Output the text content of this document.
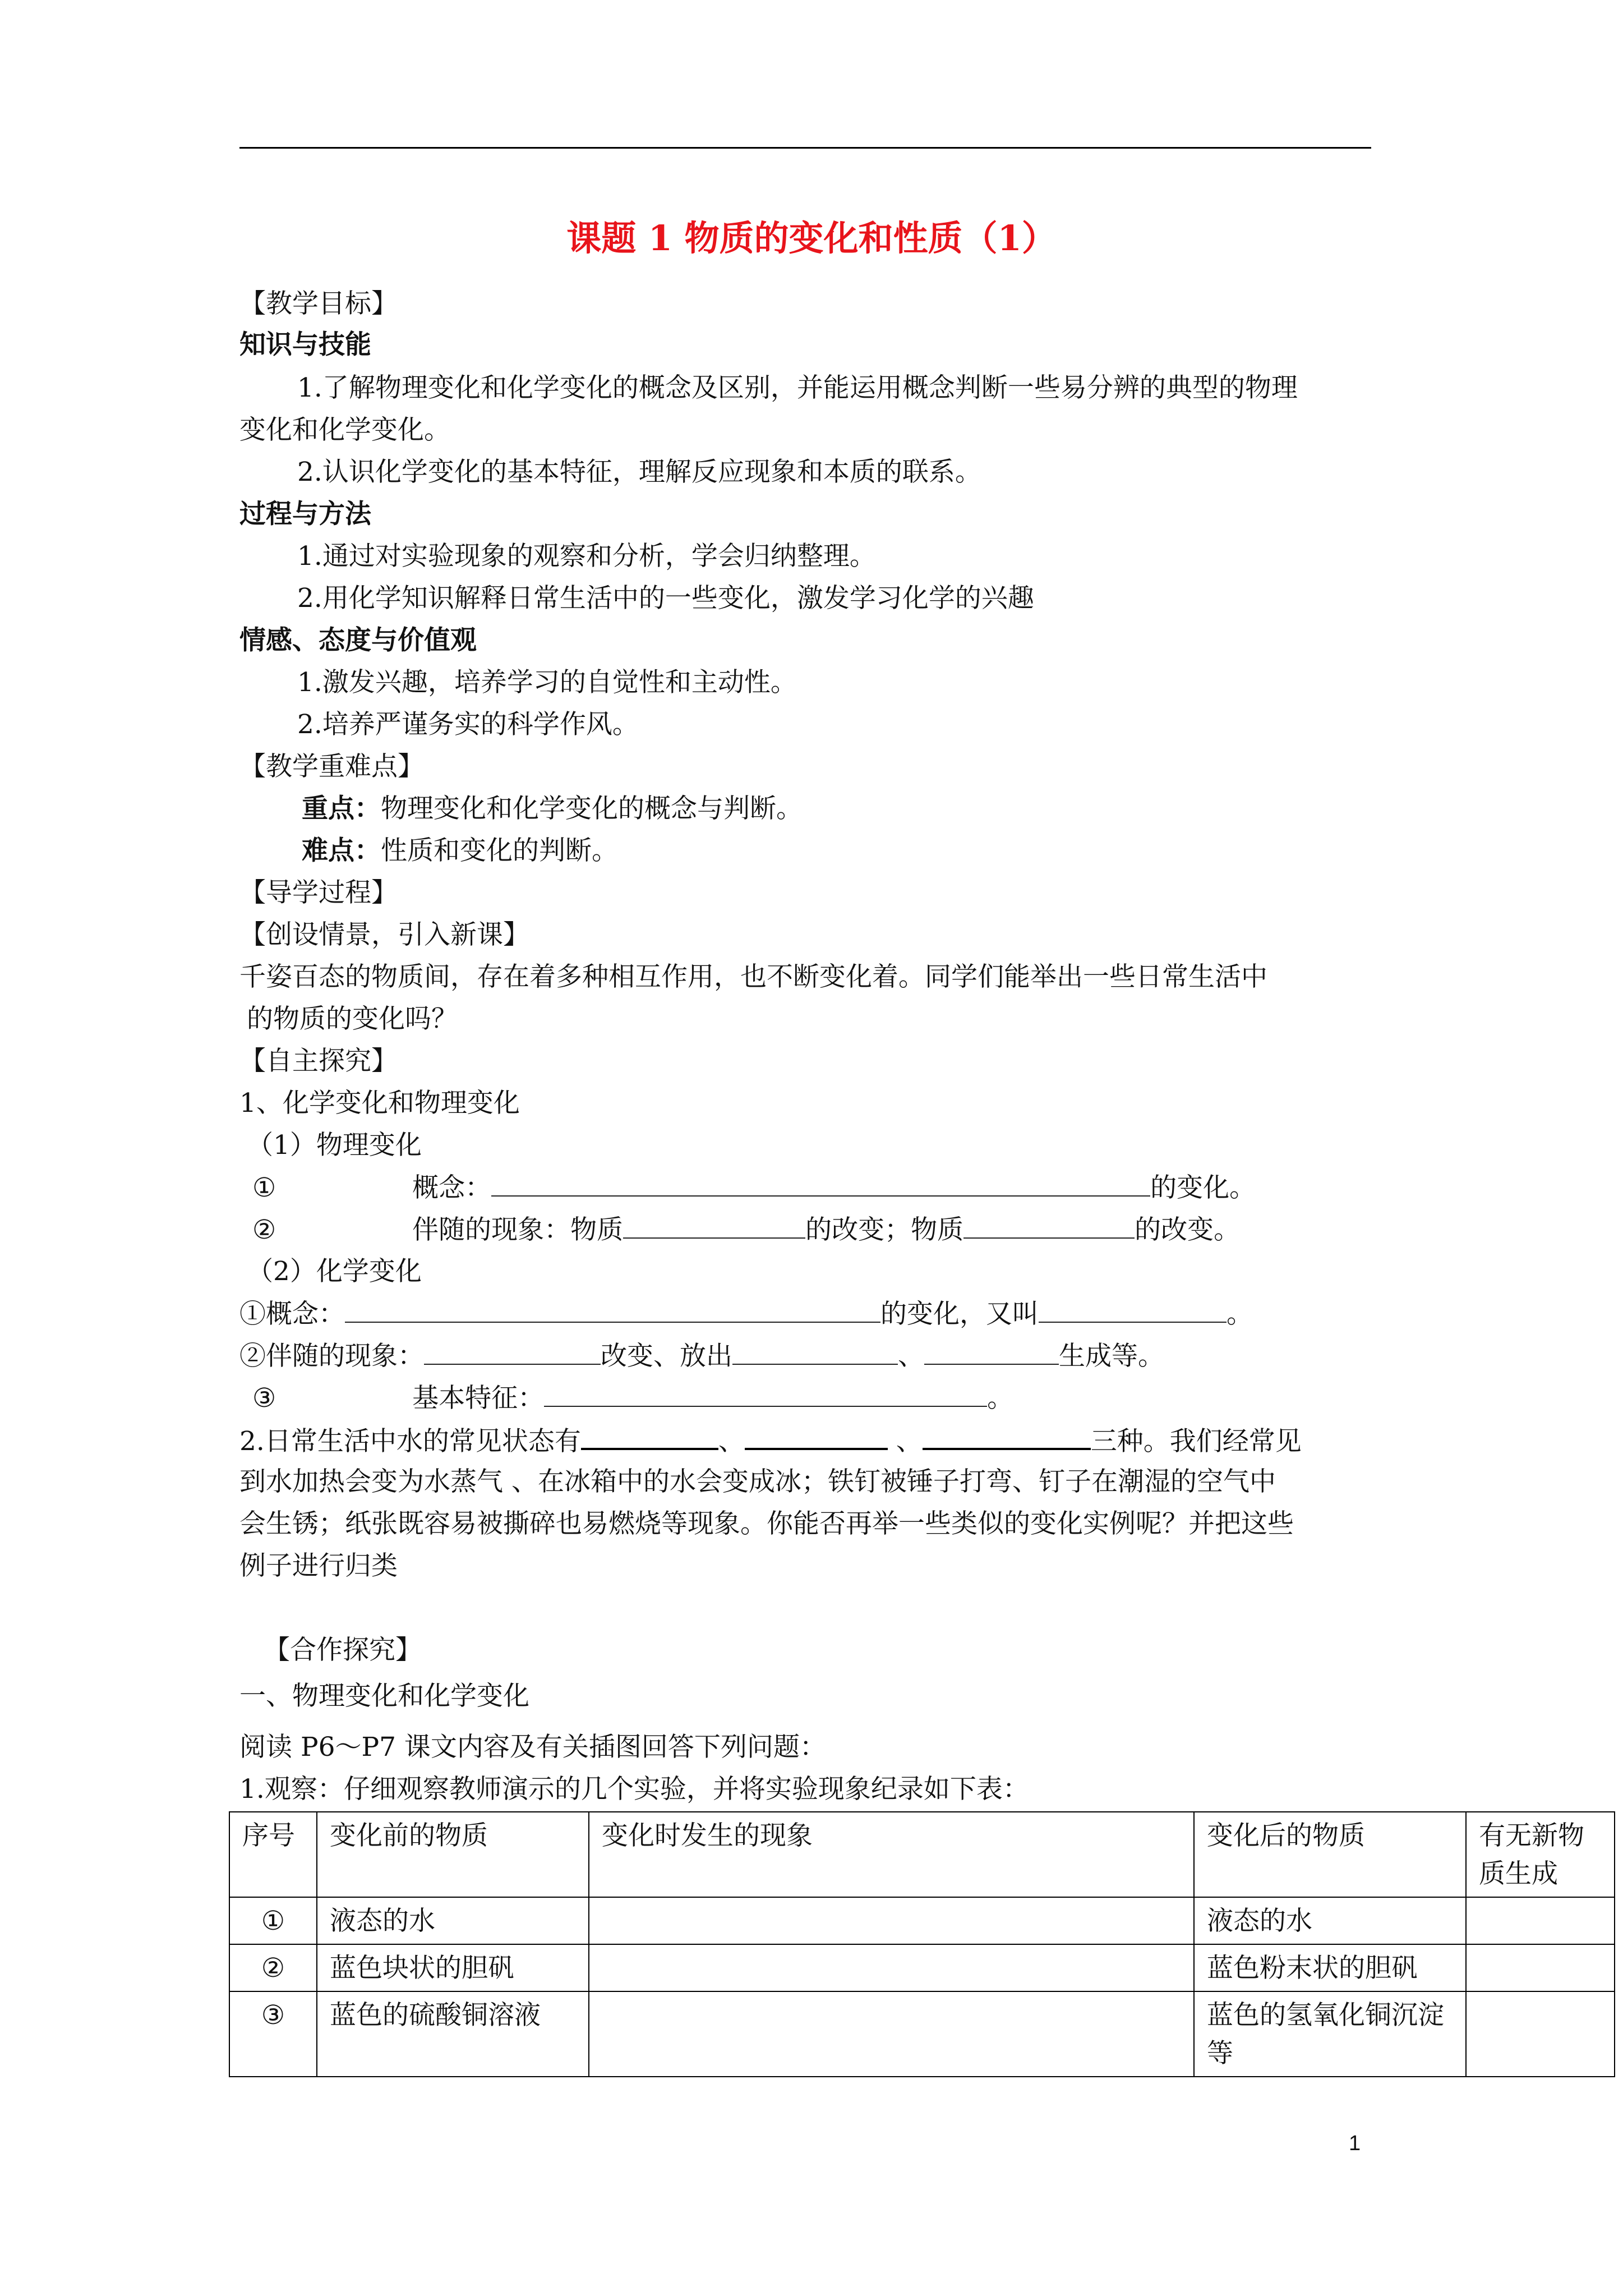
课题 1 物质的变化和性质（1）
【教学目标】
知识与技能
1.了解物理变化和化学变化的概念及区别，并能运用概念判断一些易分辨的典型的物理
变化和化学变化。
2.认识化学变化的基本特征，理解反应现象和本质的联系。
过程与方法
1.通过对实验现象的观察和分析，学会归纳整理。
2.用化学知识解释日常生活中的一些变化，激发学习化学的兴趣
情感、态度与价值观
1.激发兴趣，培养学习的自觉性和主动性。
2.培养严谨务实的科学作风。
【教学重难点】
重点：物理变化和化学变化的概念与判断。
难点：性质和变化的判断。
【导学过程】
【创设情景，引入新课】
千姿百态的物质间，存在着多种相互作用，也不断变化着。同学们能举出一些日常生活中
的物质的变化吗？
【自主探究】
1、化学变化和物理变化
（1）物理变化
①	概念：	的变化。
②	伴随的现象：物质	的改变；物质	的改变。
（2）化学变化
①概念：	的变化，又叫	。
②伴随的现象：	改变、放出	、	生成等。
③	基本特征：	。
2.日常生活中水的常见状态有	、	、	三种。我们经常见
到水加热会变为水蒸气 、在冰箱中的水会变成冰；铁钉被锤子打弯、钉子在潮湿的空气中
会生锈；纸张既容易被撕碎也易燃烧等现象。你能否再举一些类似的变化实例呢？并把这些
例子进行归类
【合作探究】
一、物理变化和化学变化
阅读 P6～P7 课文内容及有关插图回答下列问题：
1.观察：仔细观察教师演示的几个实验，并将实验现象纪录如下表：
序号	变化前的物质	变化时发生的现象	变化后的物质	有无新物质生成
①	液态的水		液态的水	
②	蓝色块状的胆矾		蓝色粉末状的胆矾	
③	蓝色的硫酸铜溶液		蓝色的氢氧化铜沉淀等	
1
